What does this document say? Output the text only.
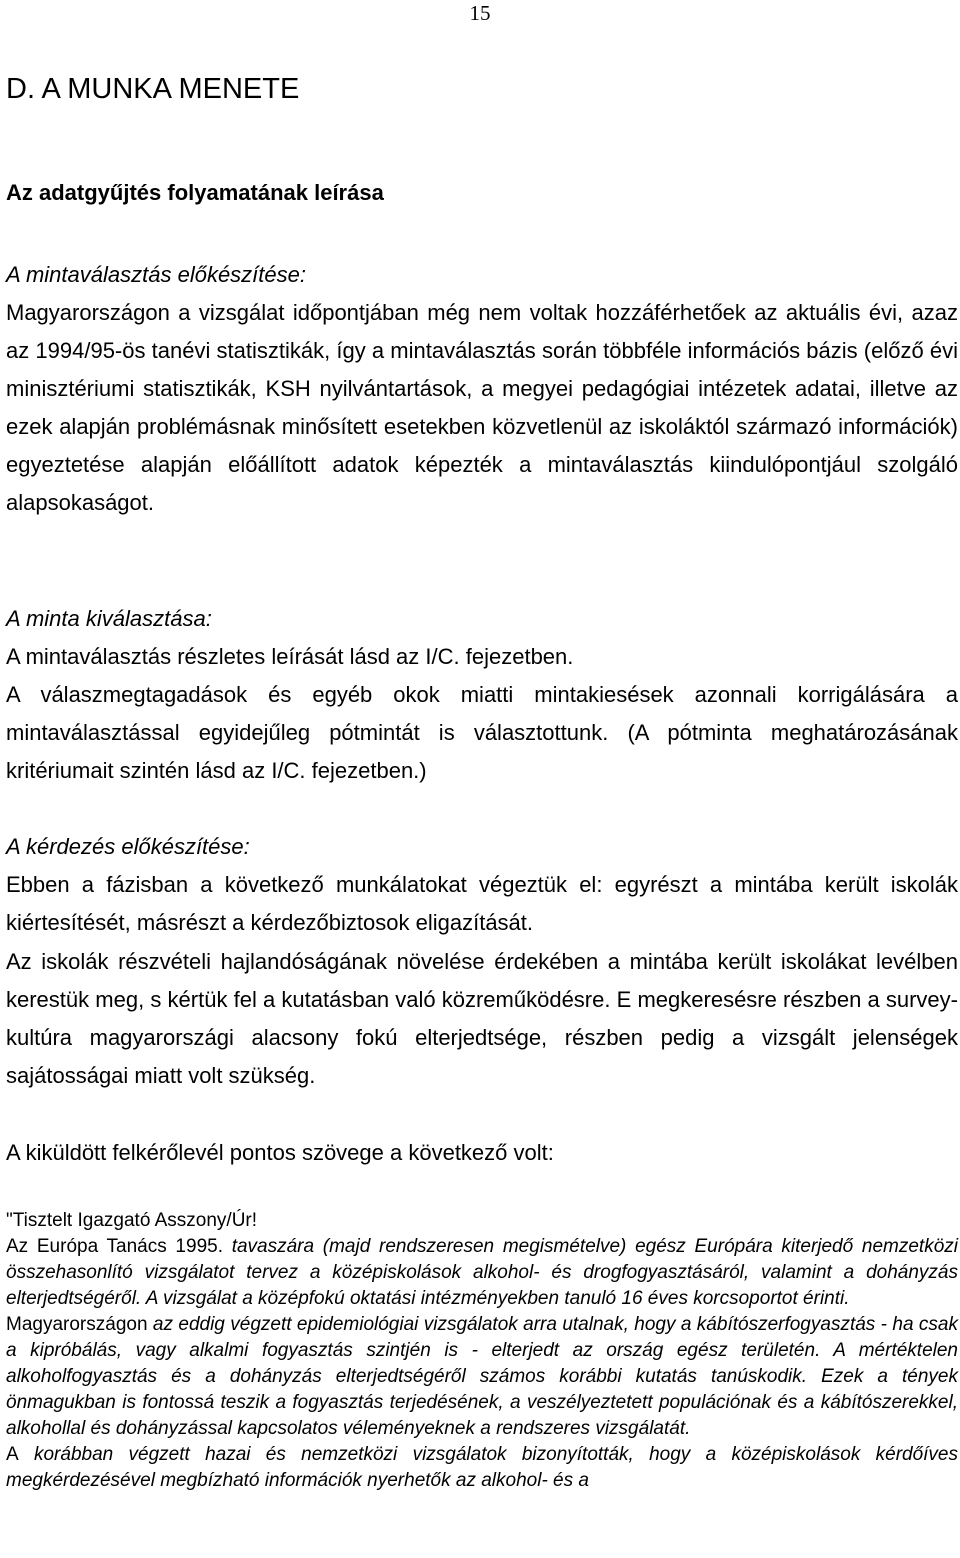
15
D. A MUNKA MENETE
Az adatgyűjtés folyamatának leírása
A mintaválasztás előkészítése:

Magyarországon a vizsgálat időpontjában még nem voltak hozzáférhetőek az aktuális évi, azaz az 1994/95-ös tanévi statisztikák, így a mintaválasztás során többféle információs bázis (előző évi minisztériumi statisztikák, KSH nyilvántartások, a megyei pedagógiai intézetek adatai, illetve az ezek alapján problémásnak minősített esetekben közvetlenül az iskoláktól származó információk) egyeztetése alapján előállított adatok képezték a mintaválasztás kiindulópontjául szolgáló alapsokaságot.

A minta kiválasztása:

A mintaválasztás részletes leírását lásd az I/C. fejezetben.

A válaszmegtagadások és egyéb okok miatti mintakiesések azonnali korrigálására a mintaválasztással egyidejűleg pótmintát is választottunk. (A pótminta meghatározásának kritériumait szintén lásd az I/C. fejezetben.)

A kérdezés előkészítése:

Ebben a fázisban a következő munkálatokat végeztük el: egyrészt a mintába került iskolák kiértesítését, másrészt a kérdezőbiztosok eligazítását.

Az iskolák részvételi hajlandóságának növelése érdekében a mintába került iskolákat levélben kerestük meg, s kértük fel a kutatásban való közreműködésre. E megkeresésre részben a survey-kultúra magyarországi alacsony fokú elterjedtsége, részben pedig a vizsgált jelenségek sajátosságai miatt volt szükség.

A kiküldött felkérőlevél pontos szövege a következő volt:

"Tisztelt Igazgató Asszony/Úr!
Az Európa Tanács 1995. tavaszára (majd rendszeresen megismételve) egész Európára kiterjedő nemzetközi összehasonlító vizsgálatot tervez a középiskolások alkohol- és drogfogyasztásáról, valamint a dohányzás elterjedtségéről. A vizsgálat a középfokú oktatási intézményekben tanuló 16 éves korcsoportot érinti.
Magyarországon az eddig végzett epidemiológiai vizsgálatok arra utalnak, hogy a kábítószerfogyasztás - ha csak a kipróbálás, vagy alkalmi fogyasztás szintjén is - elterjedt az ország egész területén. A mértéktelen alkoholfogyasztás és a dohányzás elterjedtségéről számos korábbi kutatás tanúskodik. Ezek a tények önmagukban is fontossá teszik a fogyasztás terjedésének, a veszélyeztetett populációnak és a kábítószerekkel, alkohollal és dohányzással kapcsolatos véleményeknek a rendszeres vizsgálatát.
A korábban végzett hazai és nemzetközi vizsgálatok bizonyították, hogy a középiskolások kérdőíves megkérdezésével megbízható információk nyerhetők az alkohol- és a
